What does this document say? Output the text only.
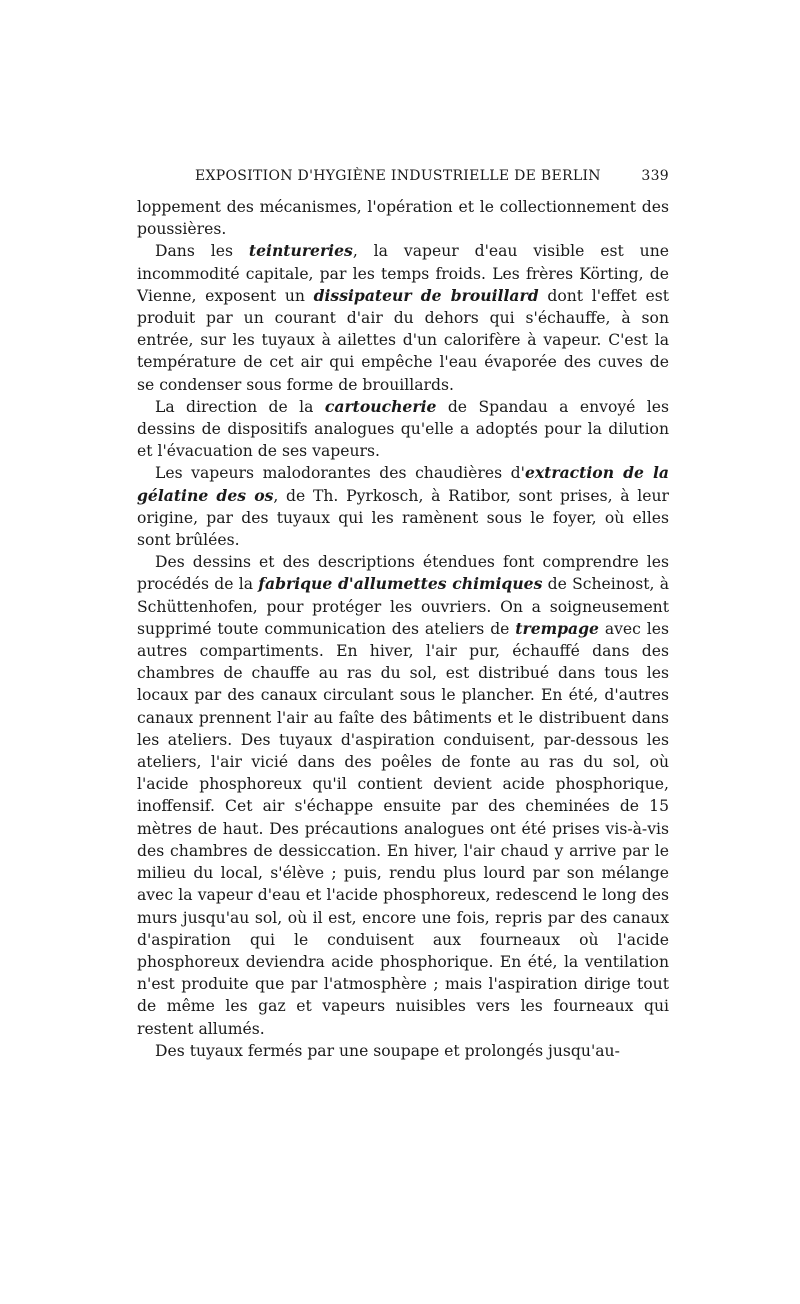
EXPOSITION D'HYGIÈNE INDUSTRIELLE DE BERLIN	339

loppement des mécanismes, l'opération et le collectionnement des poussières.

Dans les teintureries, la vapeur d'eau visible est une incommodité capitale, par les temps froids. Les frères Körting, de Vienne, exposent un dissipateur de brouillard dont l'effet est produit par un courant d'air du dehors qui s'échauffe, à son entrée, sur les tuyaux à ailettes d'un calorifère à vapeur. C'est la température de cet air qui empêche l'eau évaporée des cuves de se condenser sous forme de brouillards.

La direction de la cartoucherie de Spandau a envoyé les dessins de dispositifs analogues qu'elle a adoptés pour la dilution et l'évacuation de ses vapeurs.

Les vapeurs malodorantes des chaudières d'extraction de la gélatine des os, de Th. Pyrkosch, à Ratibor, sont prises, à leur origine, par des tuyaux qui les ramènent sous le foyer, où elles sont brûlées.

Des dessins et des descriptions étendues font comprendre les procédés de la fabrique d'allumettes chimiques de Scheinost, à Schüttenhofen, pour protéger les ouvriers. On a soigneusement supprimé toute communication des ateliers de trempage avec les autres compartiments. En hiver, l'air pur, échauffé dans des chambres de chauffe au ras du sol, est distribué dans tous les locaux par des canaux circulant sous le plancher. En été, d'autres canaux prennent l'air au faîte des bâtiments et le distribuent dans les ateliers. Des tuyaux d'aspiration conduisent, par-dessous les ateliers, l'air vicié dans des poêles de fonte au ras du sol, où l'acide phosphoreux qu'il contient devient acide phosphorique, inoffensif. Cet air s'échappe ensuite par des cheminées de 15 mètres de haut. Des précautions analogues ont été prises vis-à-vis des chambres de dessiccation. En hiver, l'air chaud y arrive par le milieu du local, s'élève ; puis, rendu plus lourd par son mélange avec la vapeur d'eau et l'acide phosphoreux, redescend le long des murs jusqu'au sol, où il est, encore une fois, repris par des canaux d'aspiration qui le conduisent aux fourneaux où l'acide phosphoreux deviendra acide phosphorique. En été, la ventilation n'est produite que par l'atmosphère ; mais l'aspiration dirige tout de même les gaz et vapeurs nuisibles vers les fourneaux qui restent allumés.

Des tuyaux fermés par une soupape et prolongés jusqu'au-
